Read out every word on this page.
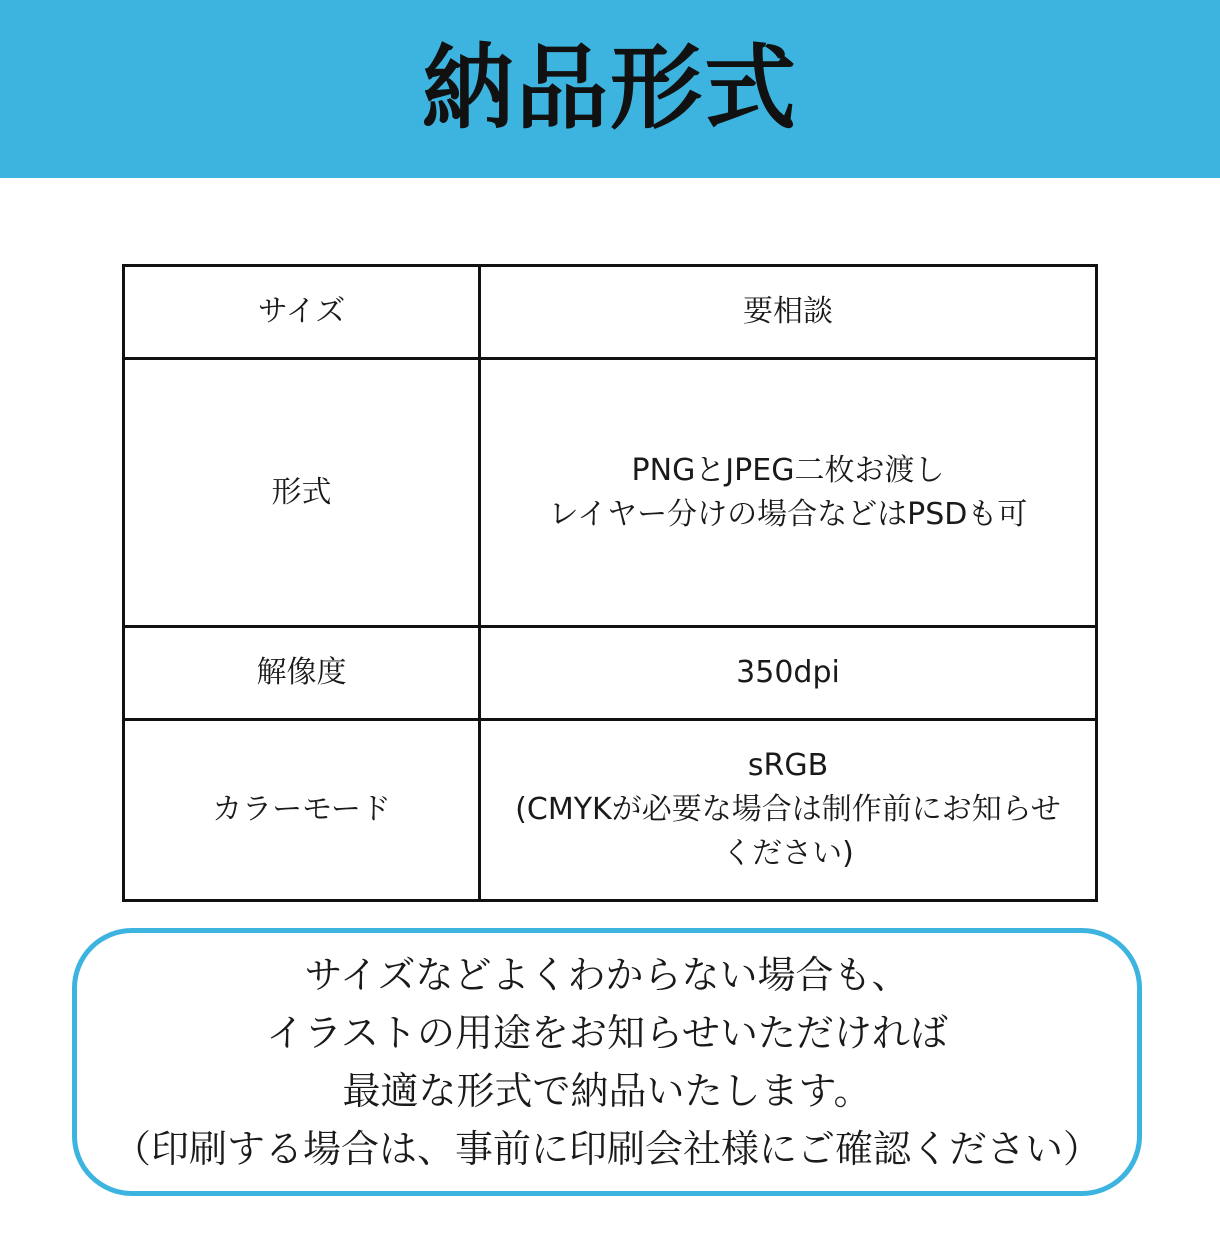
納品形式
サイズ	要相談

形式	PNGとJPEG二枚お渡し
レイヤー分けの場合などはPSDも可

解像度	350dpi

カラーモード	sRGB
(CMYKが必要な場合は制作前にお知らせ
ください)
サイズなどよくわからない場合も、
イラストの用途をお知らせいただければ
最適な形式で納品いたします。
（印刷する場合は、事前に印刷会社様にご確認ください）
